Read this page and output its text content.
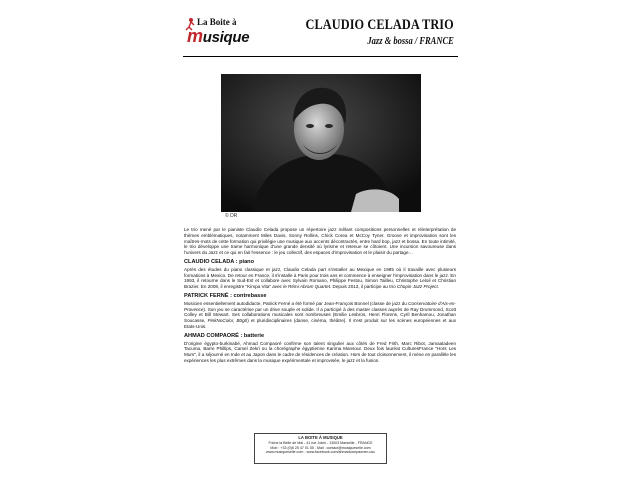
La Boite à
musique
CLAUDIO CELADA TRIO
Jazz & bossa / FRANCE
© DR

Le trio mené par le pianiste Claudio Celada propose un répertoire jazz mêlant compositions personnelles et réinterprétation de thèmes emblématiques, notamment Miles Davis, Sonny Rollins, Chick Corea et McCoy Tyner. Groove et improvisation sont les maîtres-mots de cette formation qui privilégie une musique aux accents décontractés, entre hard bop, jazz et bossa. En toute intimité, le trio développe une trame harmonique d'une grande densité où lyrisme et retenue se côtoient. Une incursion savoureuse dans l'univers du Jazz et ce qui en fait l'essence : le jeu collectif, des espaces d'improvisation et le plaisir du partage…

CLAUDIO CELADA : piano

Après des études du piano classique et jazz, Claudio Celada part s'installer au Mexique en 1985 où il travaille avec plusieurs formations à Mexico. De retour en France, il s'installe à Paris pour trois ans et commence à enseigner l'improvisation dans le jazz. En 1993, il retourne dans le Sud-Est et collabore avec Sylvain Romano, Philippe Festou, Simon Tailleu, Christophe Leloil et Christian Brazier. En 2008, il enregistre "Kimpa Vita" avec le Rémi Abram Quartet. Depuis 2013, il participe au trio Chopin Jazz Project.

PATRICK FERNÉ : contrebasse

Musicien essentiellement autodidacte, Patrick Ferné a été formé par Jean-François Bonnel (classe de jazz du Conservatoire d'Aix-en-Provence). Son jeu se caractérise par un drive souple et solide. Il a participé à des master classes auprès de Ray Drummond, Scott Colley et Bill Stewart. Ses collaborations musicales sont nombreuses (Emilie Lesbros, Henri Florens, Cyril Benhamou, Jonathan Soucasse, PinkNoColor, Bōgō) et pluridisciplinaires (danse, cinéma, théâtre). Il s'est produit sur les scènes européennes et aux Etats-Unis.

AHMAD COMPAORÉ : batterie

D'origine égypto-burkinabé, Ahmad Compaoré confirme son talent singulier aux côtés de Fred Frith, Marc Ribot, Jamaaladeen Tacuma, Barre Phillips, Camel Zekri ou la chorégraphe égyptienne Karima Mansour. Deux fois lauréat CulturesFrance "Hors Les Murs", il a séjourné en Inde et au Japon dans le cadre de résidences de création. Hors de tout cloisonnement, il mène en parallèle les expériences les plus extrêmes dans la musique expérimentale et improvisée, le jazz et la fusion.

LA BOITE À MUSIQUE
Friche la Belle de Mai - 41 rue Jobin - 13003 Marseille - FRANCE
Mob : +33 (0)6 25 47 01 55 - Mail : contact@musiqueselle.com
www.musiqueselle.com - www.facebook.com/ahmadcompaorem.usc
